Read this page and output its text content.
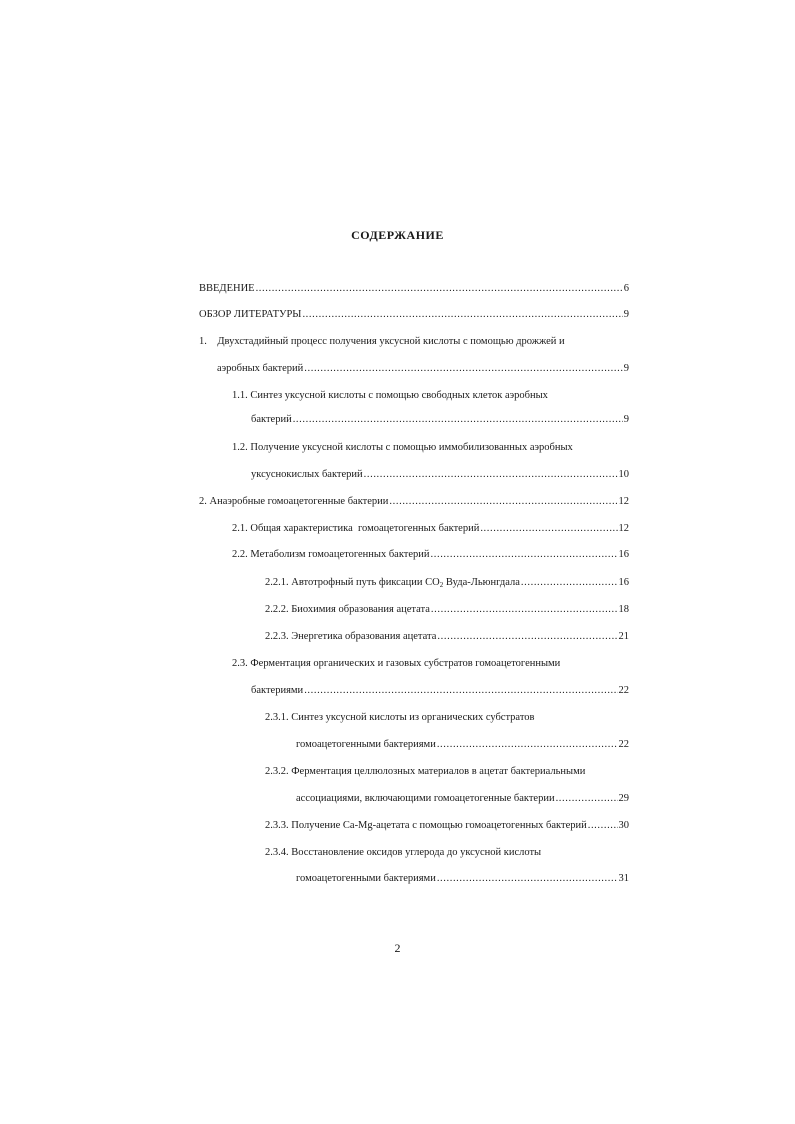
СОДЕРЖАНИЕ
ВВЕДЕНИЕ .....	6
ОБЗОР ЛИТЕРАТУРЫ .....	9
1.    Двухстадийный процесс получения уксусной кислоты с помощью дрожжей и
аэробных бактерий .....	9
1.1. Синтез уксусной кислоты с помощью свободных клеток аэробных
бактерий .....	9
1.2. Получение уксусной кислоты с помощью иммобилизованных аэробных
уксуснокислых бактерий .....	10
2. Анаэробные гомоацетогенные бактерии .....	12
2.1. Общая характеристика  гомоацетогенных бактерий .....	12
2.2. Метаболизм гомоацетогенных бактерий .....	16
2.2.1. Автотрофный путь фиксации $CO_2$ Вуда-Льюнгдала .....	16
2.2.2. Биохимия образования ацетата .....	18
2.2.3. Энергетика образования ацетата .....	21
2.3. Ферментация органических и газовых субстратов гомоацетогенными
бактериями .....	22
2.3.1. Синтез уксусной кислоты из органических субстратов
гомоацетогенными бактериями .....	22
2.3.2. Ферментация целлюлозных материалов в ацетат бактериальными
ассоциациями, включающими гомоацетогенные бактерии .....	29
2.3.3. Получение Ca-Mg-ацетата с помощью гомоацетогенных бактерий .....	30
2.3.4. Восстановление оксидов углерода до уксусной кислоты
гомоацетогенными бактериями .....	31
2
